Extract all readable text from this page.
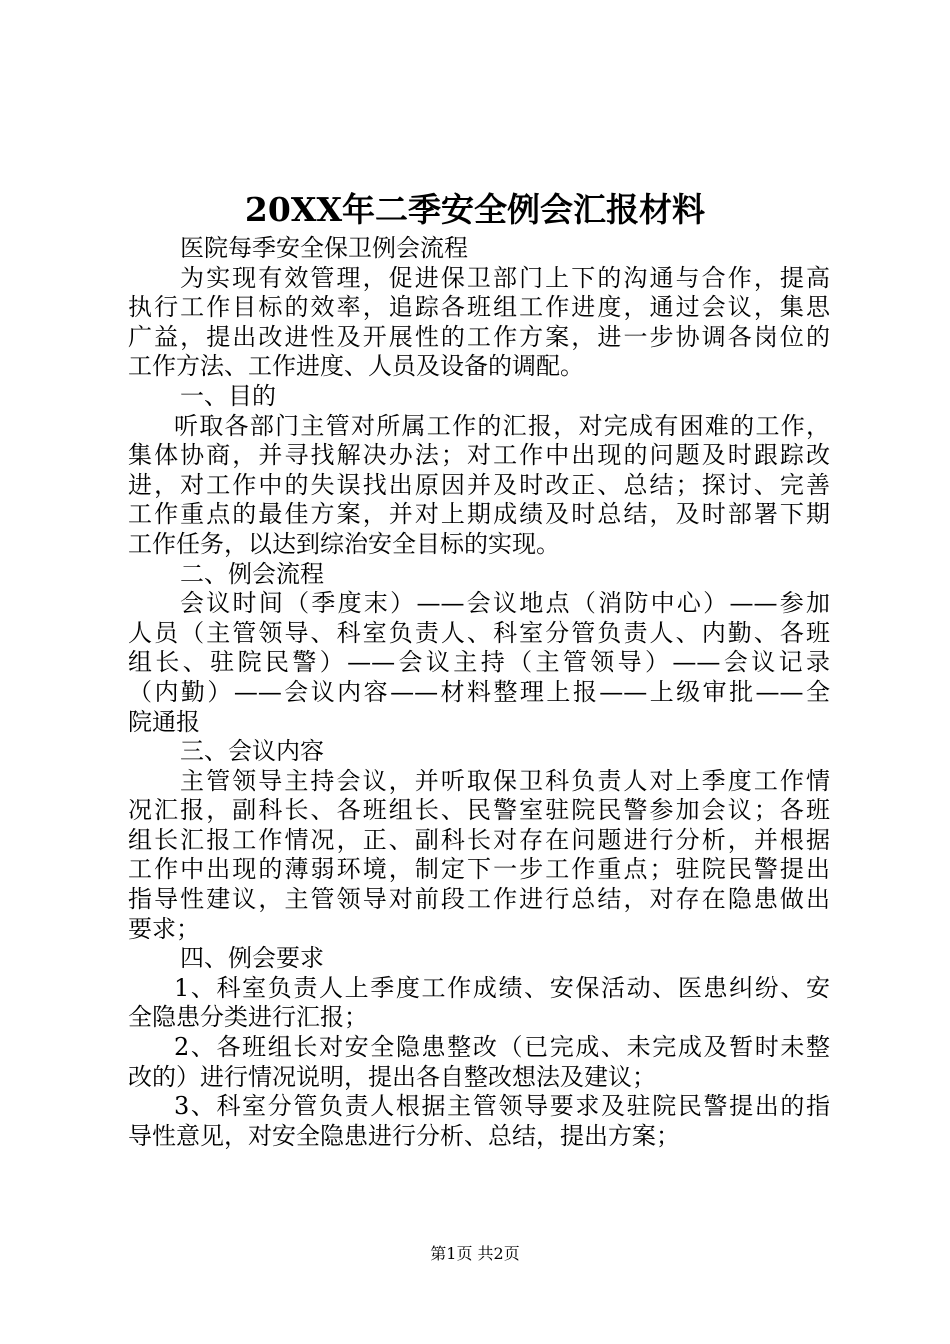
20XX年二季安全例会汇报材料
医院每季安全保卫例会流程
为实现有效管理，促进保卫部门上下的沟通与合作，提高
执行工作目标的效率，追踪各班组工作进度，通过会议，集思
广益，提出改进性及开展性的工作方案，进一步协调各岗位的
工作方法、工作进度、人员及设备的调配。
一、目的
听取各部门主管对所属工作的汇报，对完成有困难的工作，
集体协商，并寻找解决办法；对工作中出现的问题及时跟踪改
进，对工作中的失误找出原因并及时改正、总结；探讨、完善
工作重点的最佳方案，并对上期成绩及时总结，及时部署下期
工作任务，以达到综治安全目标的实现。
二、例会流程
会议时间（季度末）——会议地点（消防中心）——参加
人员（主管领导、科室负责人、科室分管负责人、内勤、各班
组长、驻院民警）——会议主持（主管领导）——会议记录
（内勤）——会议内容——材料整理上报——上级审批——全
院通报
三、会议内容
主管领导主持会议，并听取保卫科负责人对上季度工作情
况汇报，副科长、各班组长、民警室驻院民警参加会议；各班
组长汇报工作情况，正、副科长对存在问题进行分析，并根据
工作中出现的薄弱环境，制定下一步工作重点；驻院民警提出
指导性建议，主管领导对前段工作进行总结，对存在隐患做出
要求；
四、例会要求
1、科室负责人上季度工作成绩、安保活动、医患纠纷、安
全隐患分类进行汇报；
2、各班组长对安全隐患整改（已完成、未完成及暂时未整
改的）进行情况说明，提出各自整改想法及建议；
3、科室分管负责人根据主管领导要求及驻院民警提出的指
导性意见，对安全隐患进行分析、总结，提出方案；
第1页 共2页
